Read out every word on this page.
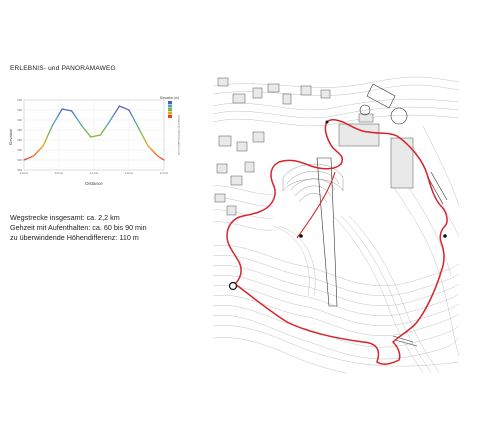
ERLEBNIS- und PANORAMAWEG
500
520
540
560
580
600
620
640
0.0 km	0.6 km	1.1 km	1.6 km	2.2 km
Elevation
Distance
Elevation (m)
created by GPSVisualizer.com
Wegstrecke insgesamt: ca. 2,2 km
Gehzeit mit Aufenthalten: ca. 60 bis 90 min
zu überwindende Höhendifferenz: 110 m
